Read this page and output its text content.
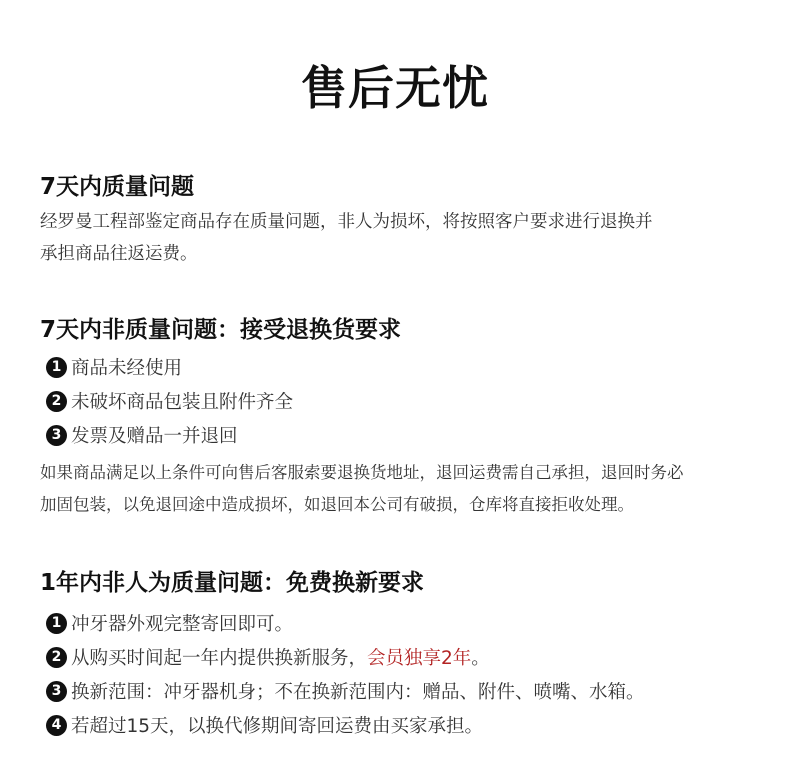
售后无忧
7天内质量问题
经罗曼工程部鉴定商品存在质量问题，非人为损坏，将按照客户要求进行退换并
承担商品往返运费。
7天内非质量问题：接受退换货要求
1 商品未经使用
2 未破坏商品包装且附件齐全
3 发票及赠品一并退回
如果商品满足以上条件可向售后客服索要退换货地址，退回运费需自己承担，退回时务必
加固包装，以免退回途中造成损坏，如退回本公司有破损，仓库将直接拒收处理。
1年内非人为质量问题：免费换新要求
1 冲牙器外观完整寄回即可。
2 从购买时间起一年内提供换新服务， 会员独享2年 。
3 换新范围：冲牙器机身；不在换新范围内：赠品、附件、喷嘴、水箱。
4 若超过15天，以换代修期间寄回运费由买家承担。
